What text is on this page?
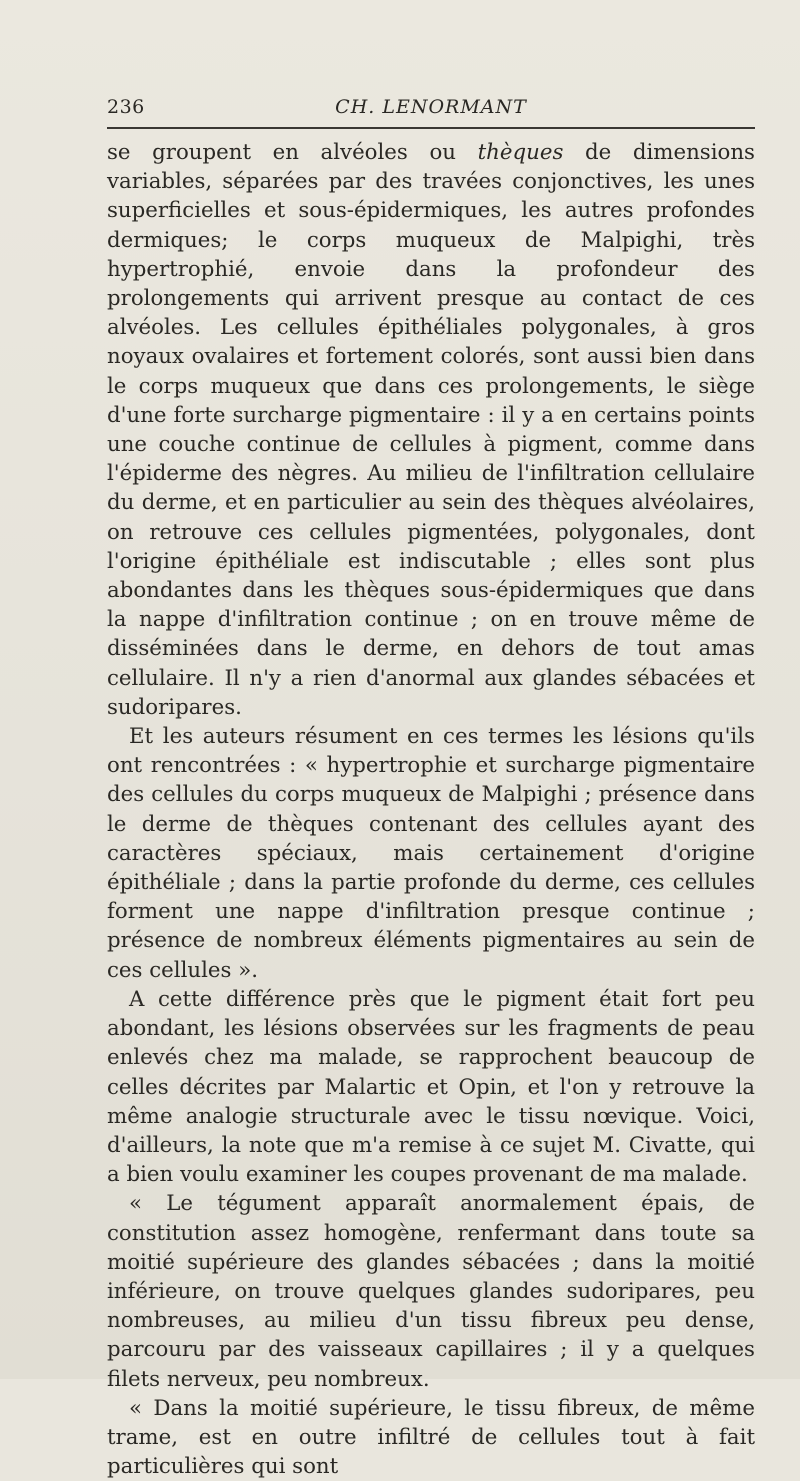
236	CH. LENORMANT

se groupent en alvéoles ou thèques de dimensions variables, séparées par des travées conjonctives, les unes superficielles et sous-épidermiques, les autres profondes dermiques; le corps muqueux de Malpighi, très hypertrophié, envoie dans la profondeur des prolongements qui arrivent presque au contact de ces alvéoles. Les cellules épithéliales polygonales, à gros noyaux ovalaires et fortement colorés, sont aussi bien dans le corps muqueux que dans ces prolongements, le siège d'une forte surcharge pigmentaire : il y a en certains points une couche continue de cellules à pigment, comme dans l'épiderme des nègres. Au milieu de l'infiltration cellulaire du derme, et en particulier au sein des thèques alvéolaires, on retrouve ces cellules pigmentées, polygonales, dont l'origine épithéliale est indiscutable ; elles sont plus abondantes dans les thèques sous-épidermiques que dans la nappe d'infiltration continue ; on en trouve même de disséminées dans le derme, en dehors de tout amas cellulaire. Il n'y a rien d'anormal aux glandes sébacées et sudoripares.

Et les auteurs résument en ces termes les lésions qu'ils ont rencontrées : « hypertrophie et surcharge pigmentaire des cellules du corps muqueux de Malpighi ; présence dans le derme de thèques contenant des cellules ayant des caractères spéciaux, mais certainement d'origine épithéliale ; dans la partie profonde du derme, ces cellules forment une nappe d'infiltration presque continue ; présence de nombreux éléments pigmentaires au sein de ces cellules ».

A cette différence près que le pigment était fort peu abondant, les lésions observées sur les fragments de peau enlevés chez ma malade, se rapprochent beaucoup de celles décrites par Malartic et Opin, et l'on y retrouve la même analogie structurale avec le tissu nœvique. Voici, d'ailleurs, la note que m'a remise à ce sujet M. Civatte, qui a bien voulu examiner les coupes provenant de ma malade.

« Le tégument apparaît anormalement épais, de constitution assez homogène, renfermant dans toute sa moitié supérieure des glandes sébacées ; dans la moitié inférieure, on trouve quelques glandes sudoripares, peu nombreuses, au milieu d'un tissu fibreux peu dense, parcouru par des vaisseaux capillaires ; il y a quelques filets nerveux, peu nombreux.

« Dans la moitié supérieure, le tissu fibreux, de même trame, est en outre infiltré de cellules tout à fait particulières qui sont
